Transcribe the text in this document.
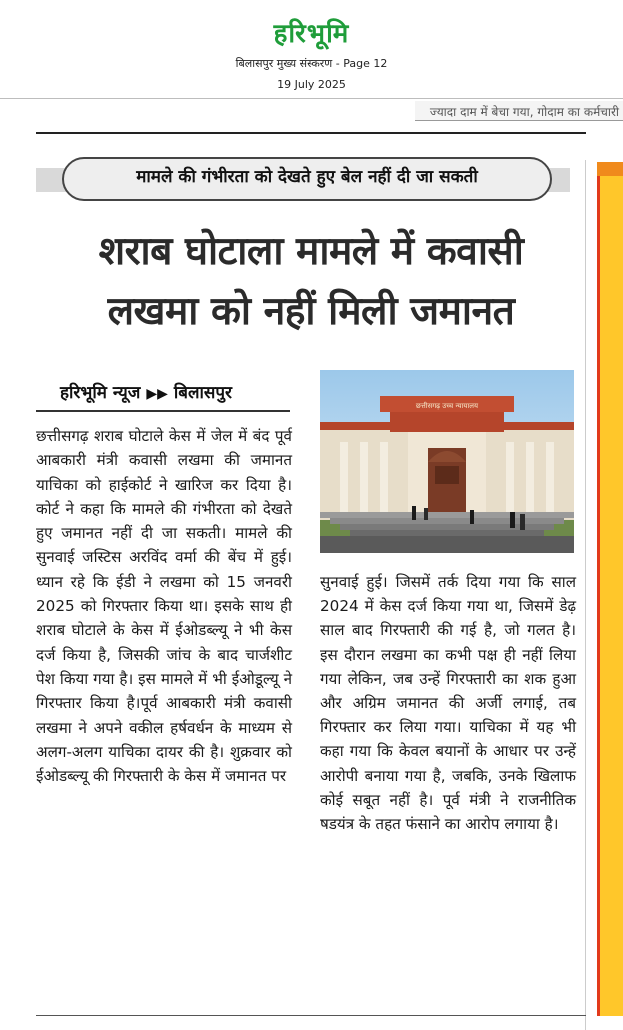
हरिभूमि
बिलासपुर मुख्य संस्करण - Page 12
19 July 2025
ज्यादा दाम में बेचा गया, गोदाम का कर्मचारी
मामले की गंभीरता को देखते हुए बेल नहीं दी जा सकती
शराब घोटाला मामले में कवासी
लखमा को नहीं मिली जमानत
हरिभूमि न्यूज ▶▶ बिलासपुर

छत्तीसगढ़ शराब घोटाले केस में जेल में बंद पूर्व आबकारी मंत्री कवासी लखमा की जमानत याचिका को हाईकोर्ट ने खारिज कर दिया है। कोर्ट ने कहा कि मामले की गंभीरता को देखते हुए जमानत नहीं दी जा सकती। मामले की सुनवाई जस्टिस अरविंद वर्मा की बेंच में हुई। ध्यान रहे कि ईडी ने लखमा को 15 जनवरी 2025 को गिरफ्तार किया था। इसके साथ ही शराब घोटाले के केस में ईओडब्ल्यू ने भी केस दर्ज किया है, जिसकी जांच के बाद चार्जशीट पेश किया गया है। इस मामले में भी ईओडूल्यू ने गिरफ्तार किया है।पूर्व आबकारी मंत्री कवासी लखमा ने अपने वकील हर्षवर्धन के माध्यम से अलग-अलग याचिका दायर की है। शुक्रवार को ईओडब्ल्यू की गिरफ्तारी के केस में जमानत पर

छत्तीसगढ़ उच्च न्यायालय

सुनवाई हुई। जिसमें तर्क दिया गया कि साल 2024 में केस दर्ज किया गया था, जिसमें डेढ़ साल बाद गिरफ्तारी की गई है, जो गलत है। इस दौरान लखमा का कभी पक्ष ही नहीं लिया गया लेकिन, जब उन्हें गिरफ्तारी का शक हुआ और अग्रिम जमानत की अर्जी लगाई, तब गिरफ्तार कर लिया गया। याचिका में यह भी कहा गया कि केवल बयानों के आधार पर उन्हें आरोपी बनाया गया है, जबकि, उनके खिलाफ कोई सबूत नहीं है। पूर्व मंत्री ने राजनीतिक षडयंत्र के तहत फंसाने का आरोप लगाया है।
